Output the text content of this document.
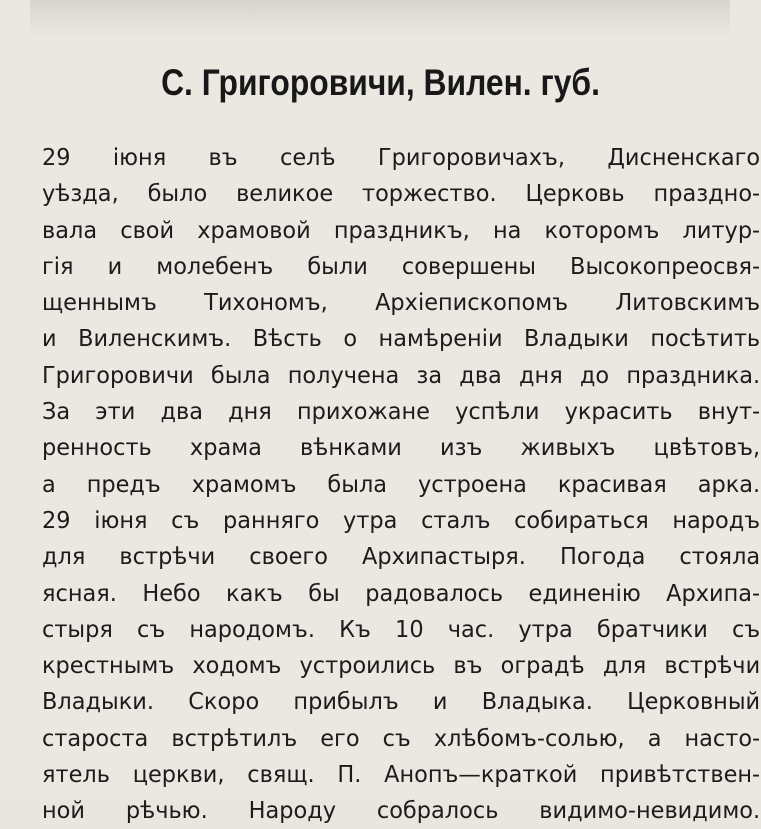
С. Григоровичи, Вилен. губ.
29 іюня въ селѣ Григоровичахъ, Дисненскаго
уѣзда, было великое торжество. Церковь праздно-
вала свой храмовой праздникъ, на которомъ литур-
гія и молебенъ были совершены Высокопреосвя-
щеннымъ Тихономъ, Архіепископомъ Литовскимъ
и Виленскимъ. Вѣсть о намѣреніи Владыки посѣтить
Григоровичи была получена за два дня до праздника.
За эти два дня прихожане успѣли украсить внут-
ренность храма вѣнками изъ живыхъ цвѣтовъ,
а предъ храмомъ была устроена красивая арка.
29 іюня съ ранняго утра сталъ собираться народъ
для встрѣчи своего Архипастыря. Погода стояла
ясная. Небо какъ бы радовалось единенію Архипа-
стыря съ народомъ. Къ 10 час. утра братчики съ
крестнымъ ходомъ устроились въ оградѣ для встрѣчи
Владыки. Скоро прибылъ и Владыка. Церковный
староста встрѣтилъ его съ хлѣбомъ-солью, а насто-
ятель церкви, свящ. П. Анопъ—краткой привѣтствен-
ной рѣчью. Народу собралось видимо-невидимо.
